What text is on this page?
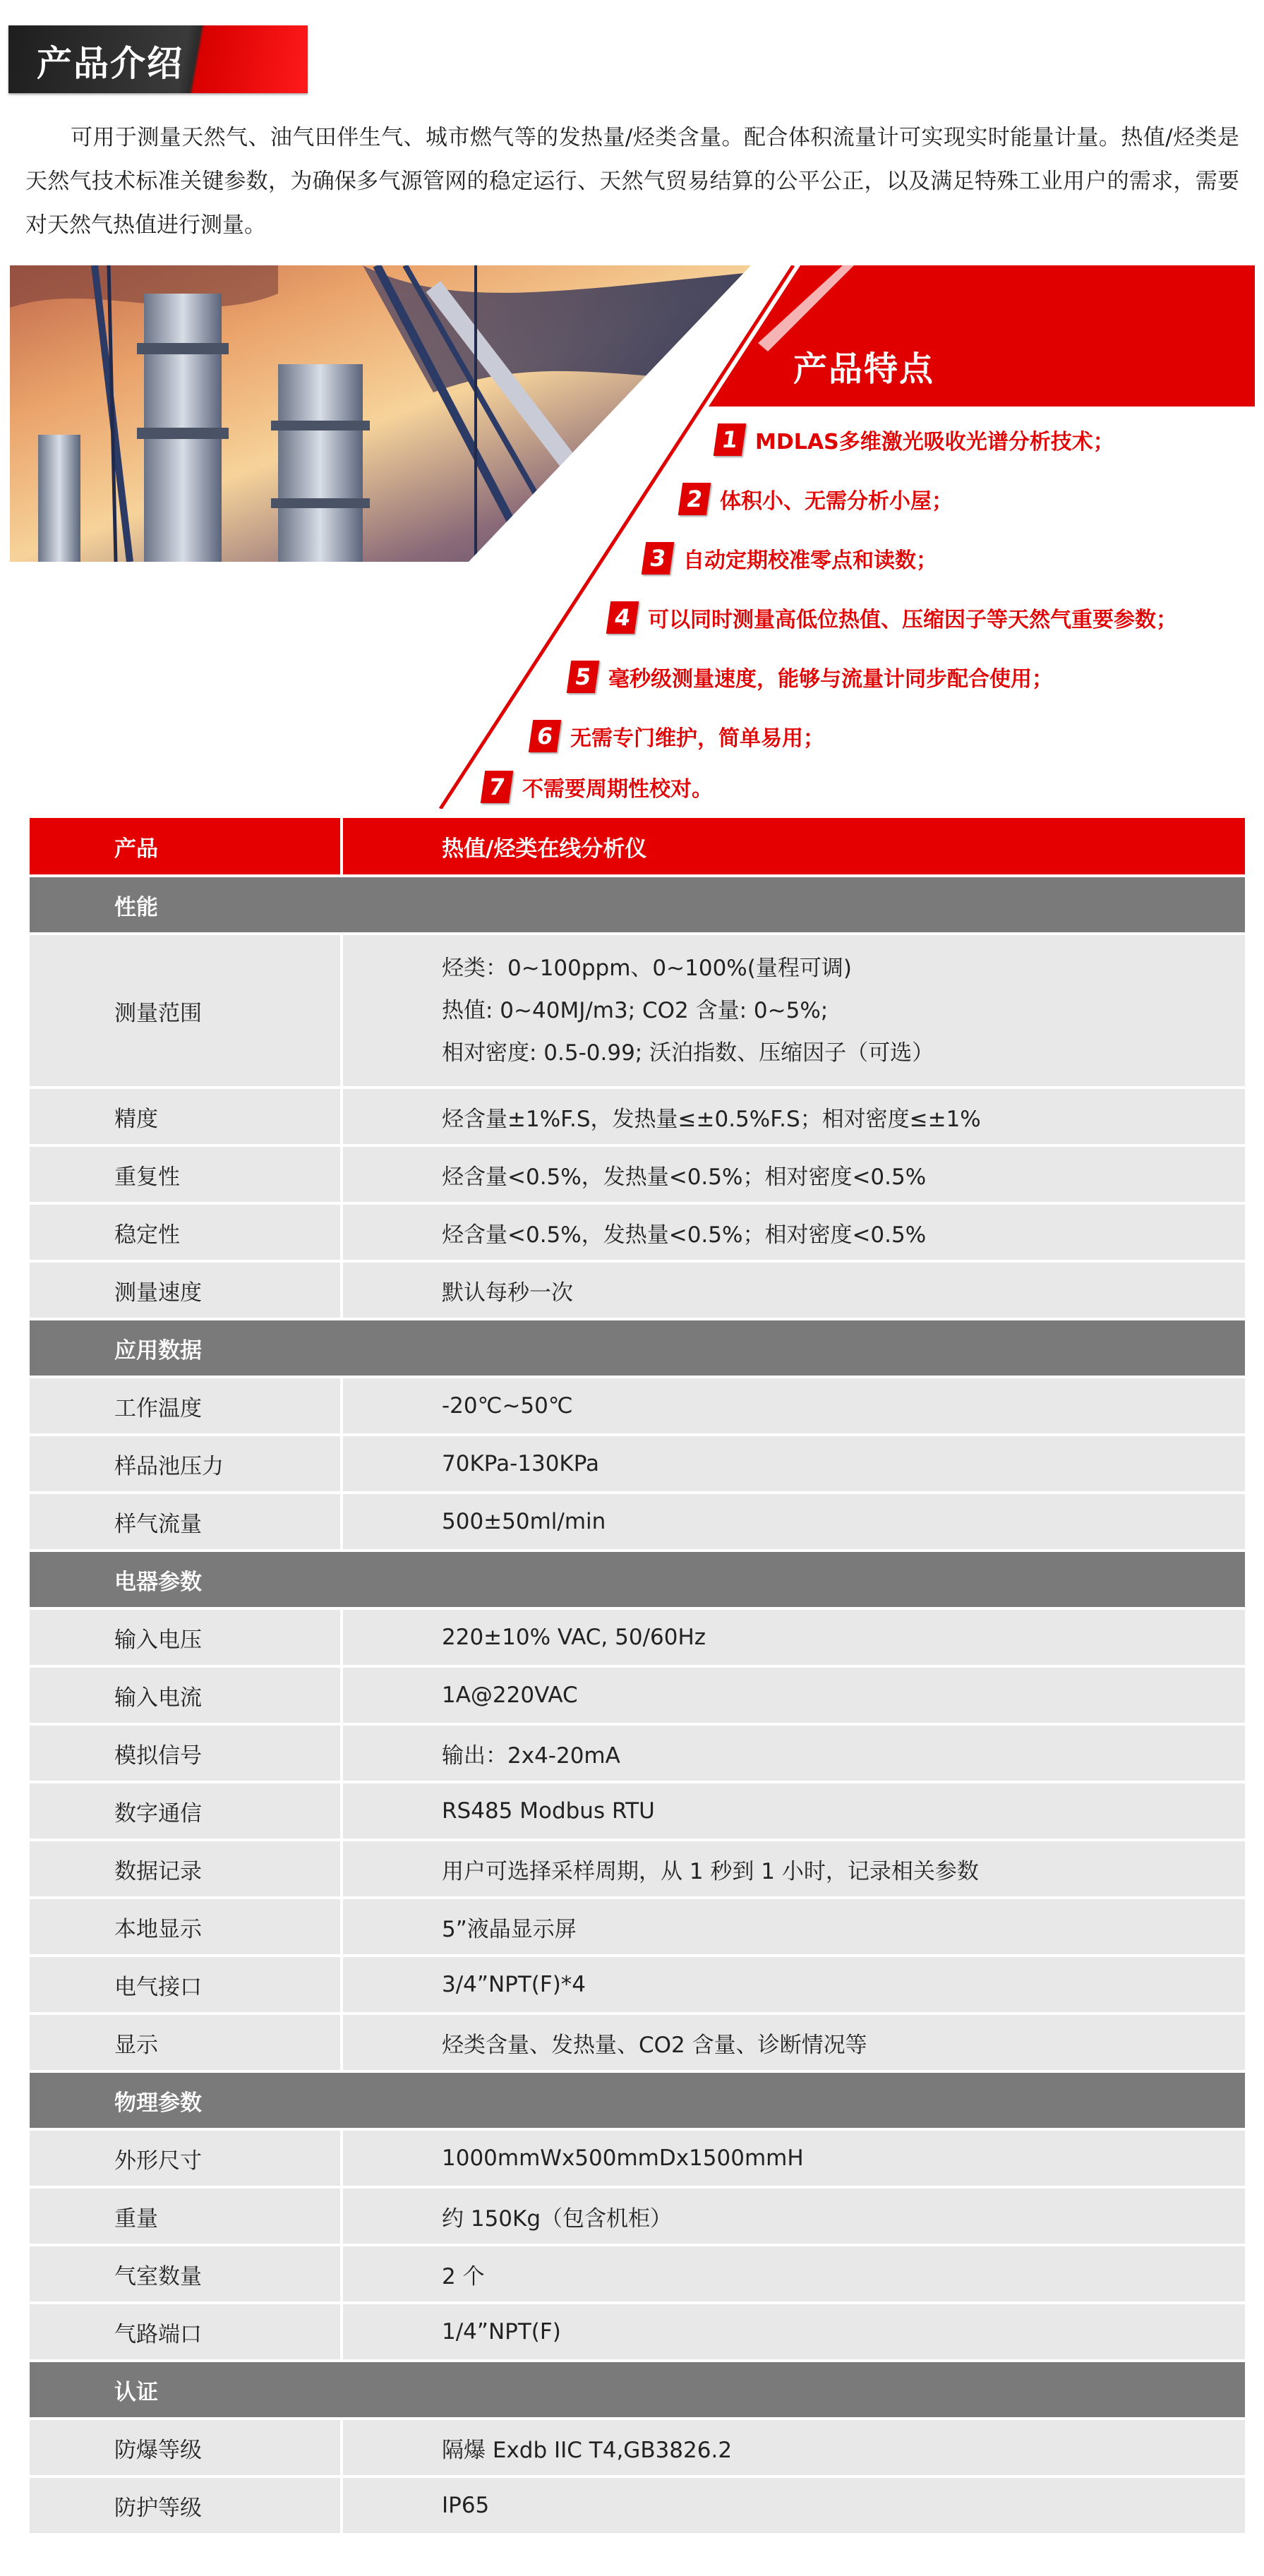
产品介绍

可用于测量天然气、油气田伴生气、城市燃气等的发热量/烃类含量。配合体积流量计可实现实时能量计量。热值/烃类是天然气技术标准关键参数，为确保多气源管网的稳定运行、天然气贸易结算的公平公正，以及满足特殊工业用户的需求，需要对天然气热值进行测量。

产品特点
1 MDLAS多维激光吸收光谱分析技术；
2 体积小、无需分析小屋；
3 自动定期校准零点和读数；
4 可以同时测量高低位热值、压缩因子等天然气重要参数；
5 毫秒级测量速度，能够与流量计同步配合使用；
6 无需专门维护，简单易用；
7 不需要周期性校对。
产品	热值/烃类在线分析仪
性能	
测量范围	烃类：0~100ppm、0~100%(量程可调)
热值: 0~40MJ/m3; CO2 含量: 0~5%;
相对密度: 0.5-0.99; 沃泊指数、压缩因子（可选）

精度	烃含量±1%F.S，发热量≤±0.5%F.S；相对密度≤±1%
重复性	烃含量<0.5%，发热量<0.5%；相对密度<0.5%
稳定性	烃含量<0.5%，发热量<0.5%；相对密度<0.5%
测量速度	默认每秒一次
应用数据	
工作温度	-20℃~50℃
样品池压力	70KPa-130KPa
样气流量	500±50ml/min
电器参数	
输入电压	220±10% VAC, 50/60Hz
输入电流	1A@220VAC
模拟信号	输出：2x4-20mA
数字通信	RS485 Modbus RTU
数据记录	用户可选择采样周期，从 1 秒到 1 小时，记录相关参数
本地显示	5”液晶显示屏
电气接口	3/4”NPT(F)*4
显示	烃类含量、发热量、CO2 含量、诊断情况等
物理参数	
外形尺寸	1000mmWx500mmDx1500mmH
重量	约 150Kg（包含机柜）
气室数量	2 个
气路端口	1/4”NPT(F)
认证	
防爆等级	隔爆 Exdb IIC T4,GB3826.2
防护等级	IP65
